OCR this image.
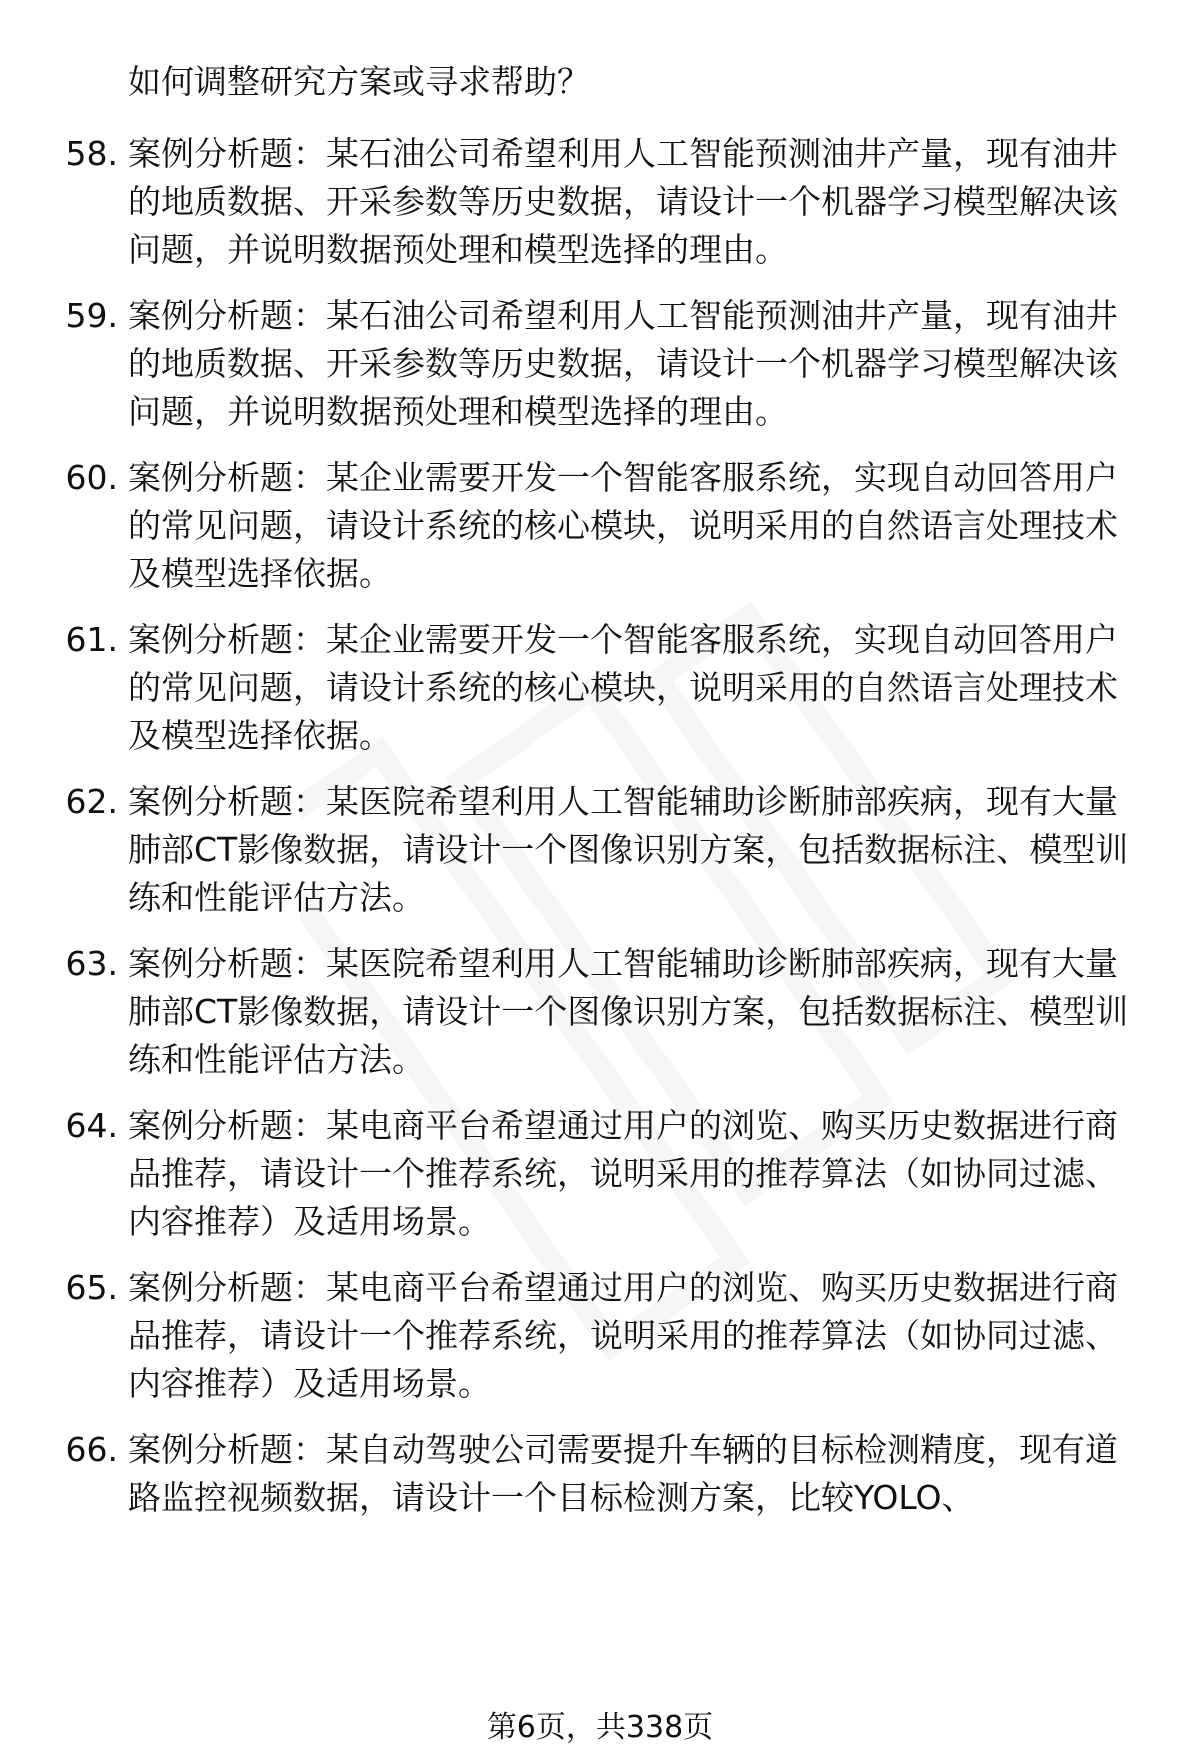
如何调整研究方案或寻求帮助？
58. 案例分析题：某石油公司希望利用人工智能预测油井产量，现有油井的地质数据、开采参数等历史数据，请设计一个机器学习模型解决该问题，并说明数据预处理和模型选择的理由。
59. 案例分析题：某石油公司希望利用人工智能预测油井产量，现有油井的地质数据、开采参数等历史数据，请设计一个机器学习模型解决该问题，并说明数据预处理和模型选择的理由。
60. 案例分析题：某企业需要开发一个智能客服系统，实现自动回答用户的常见问题，请设计系统的核心模块，说明采用的自然语言处理技术及模型选择依据。
61. 案例分析题：某企业需要开发一个智能客服系统，实现自动回答用户的常见问题，请设计系统的核心模块，说明采用的自然语言处理技术及模型选择依据。
62. 案例分析题：某医院希望利用人工智能辅助诊断肺部疾病，现有大量肺部CT影像数据，请设计一个图像识别方案，包括数据标注、模型训练和性能评估方法。
63. 案例分析题：某医院希望利用人工智能辅助诊断肺部疾病，现有大量肺部CT影像数据，请设计一个图像识别方案，包括数据标注、模型训练和性能评估方法。
64. 案例分析题：某电商平台希望通过用户的浏览、购买历史数据进行商品推荐，请设计一个推荐系统，说明采用的推荐算法（如协同过滤、内容推荐）及适用场景。
65. 案例分析题：某电商平台希望通过用户的浏览、购买历史数据进行商品推荐，请设计一个推荐系统，说明采用的推荐算法（如协同过滤、内容推荐）及适用场景。
66. 案例分析题：某自动驾驶公司需要提升车辆的目标检测精度，现有道路监控视频数据，请设计一个目标检测方案，比较YOLO、
第6页，共338页
